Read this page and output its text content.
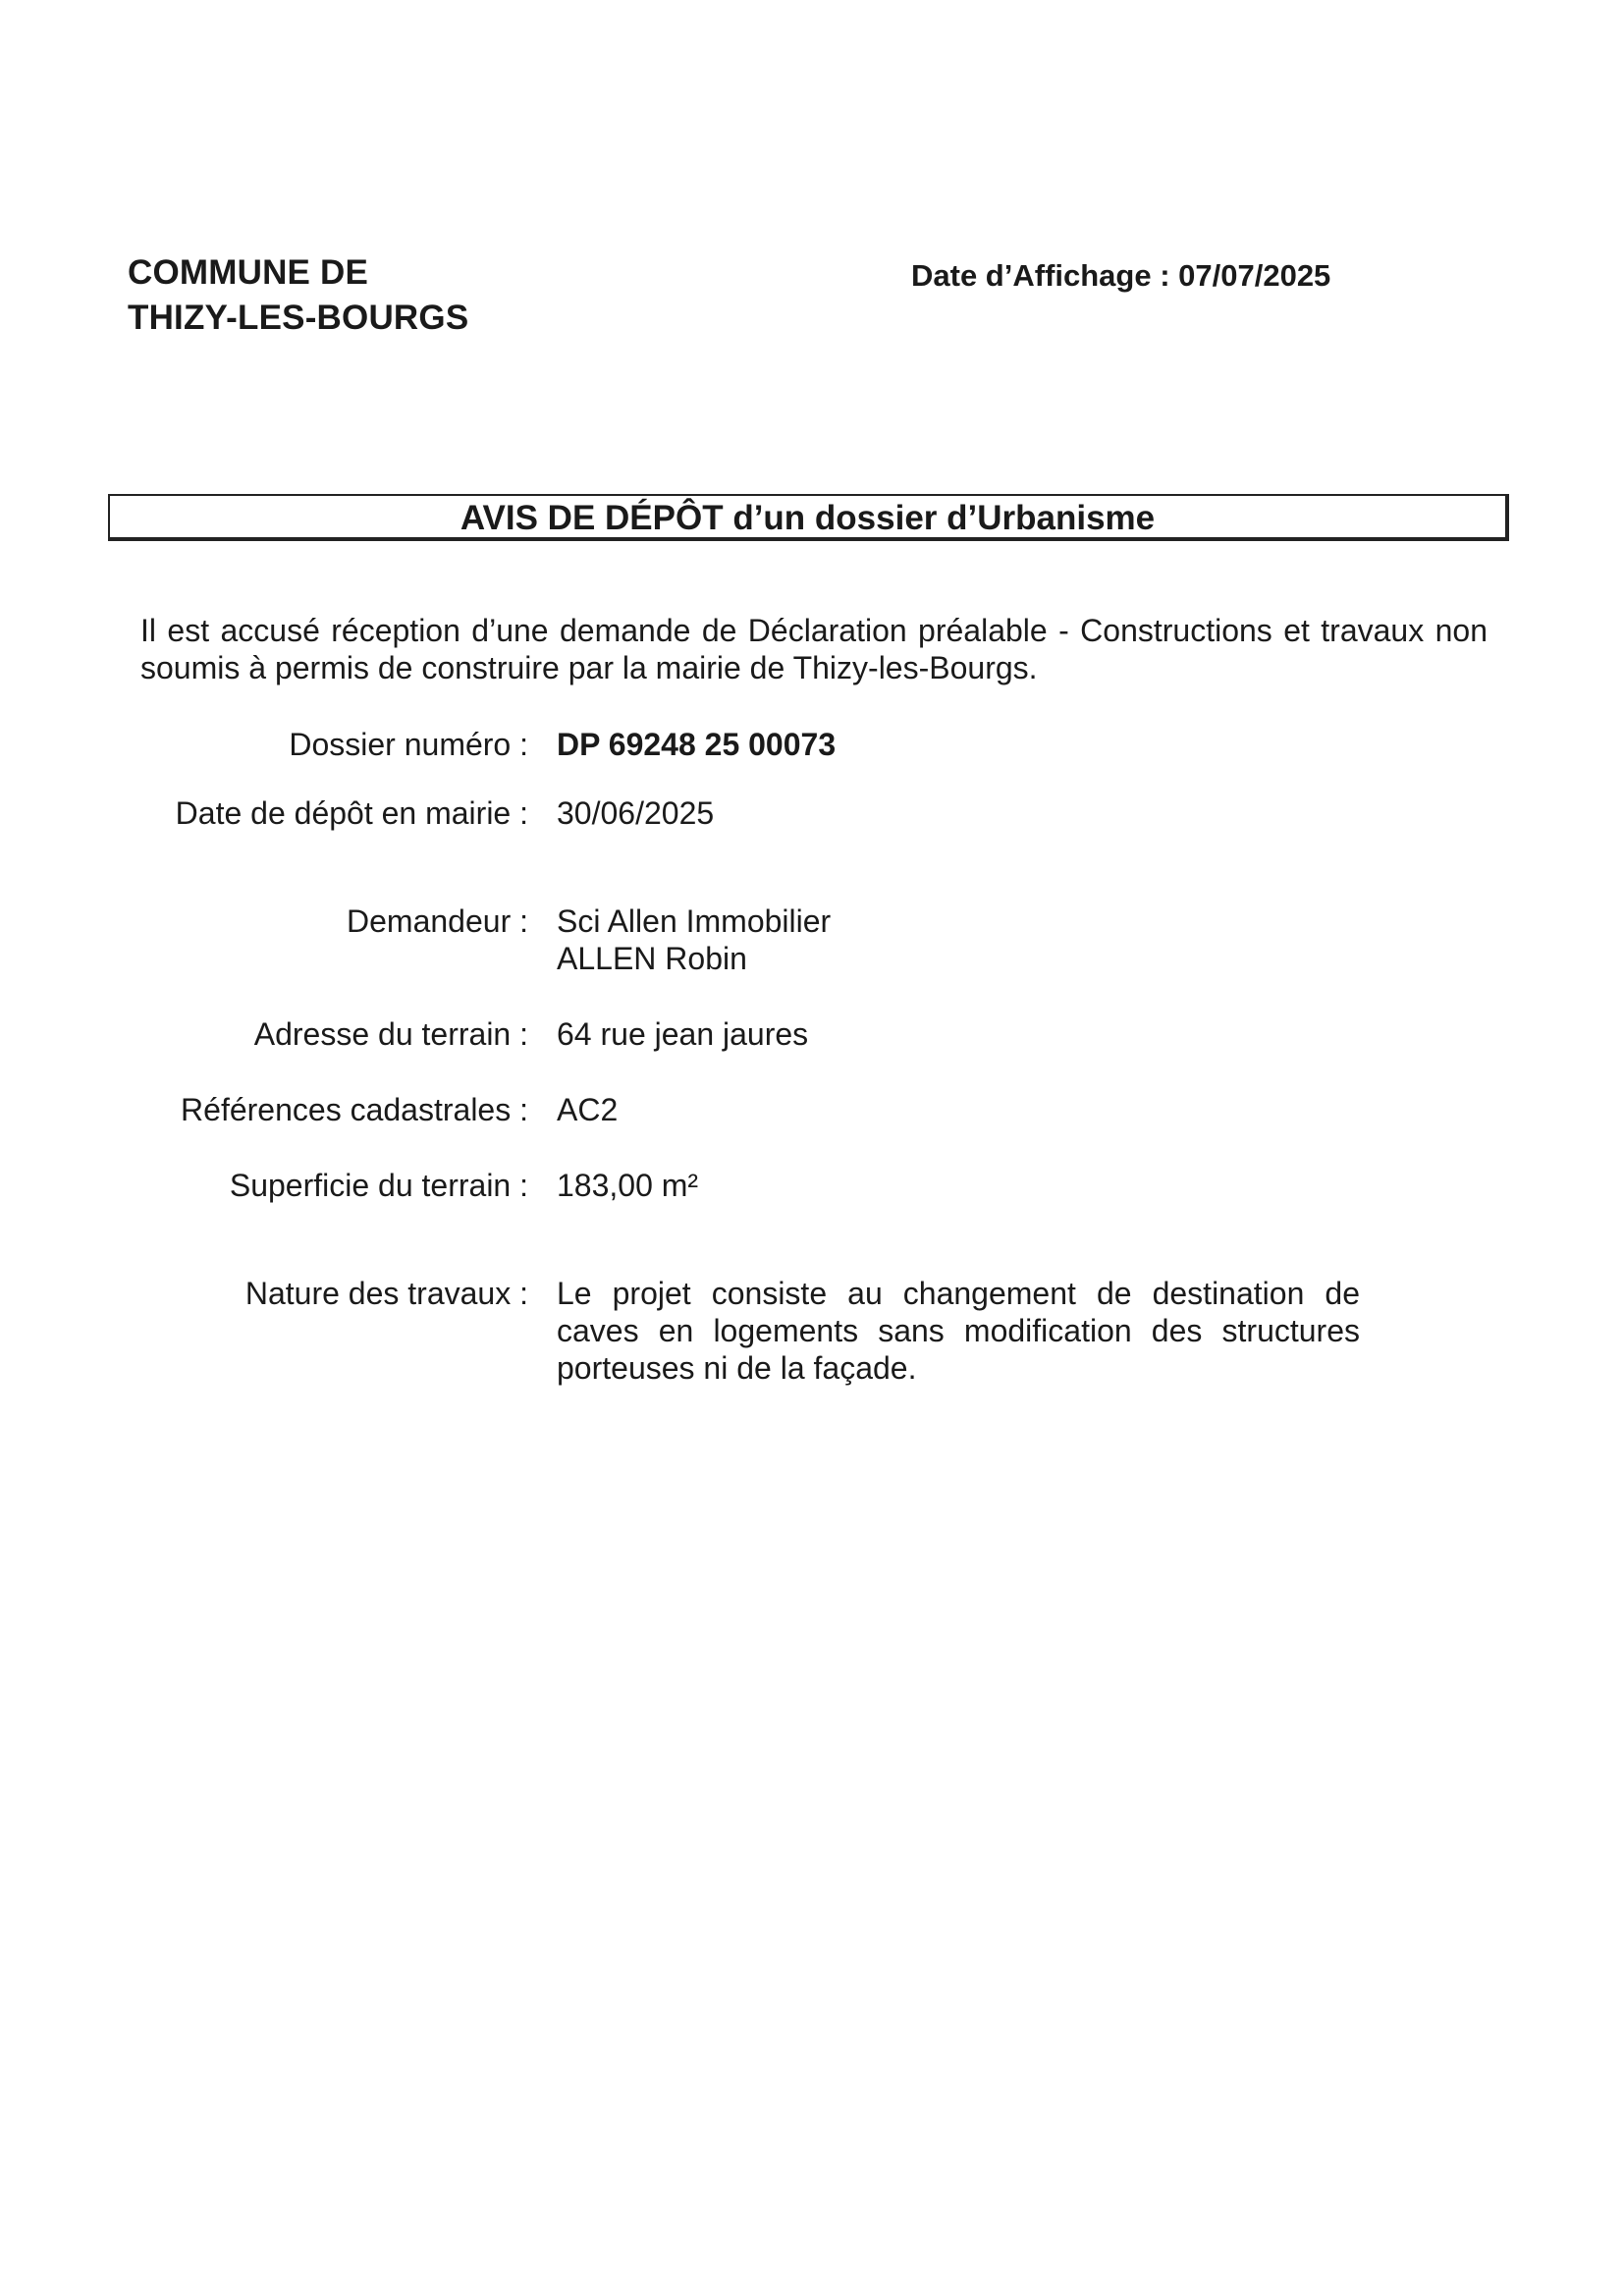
COMMUNE DE
THIZY-LES-BOURGS
Date d’Affichage : 07/07/2025
AVIS DE DÉPÔT d’un dossier d’Urbanisme
Il est accusé réception d’une demande de Déclaration préalable - Constructions et travaux non soumis à permis de construire par la mairie de Thizy-les-Bourgs.
Dossier numéro : DP 69248 25 00073
Date de dépôt en mairie : 30/06/2025
Demandeur : Sci Allen Immobilier
ALLEN Robin
Adresse du terrain : 64 rue jean jaures
Références cadastrales : AC2
Superficie du terrain : 183,00 m²
Nature des travaux : Le projet consiste au changement de destination de caves en logements sans modification des structures porteuses ni de la façade.
